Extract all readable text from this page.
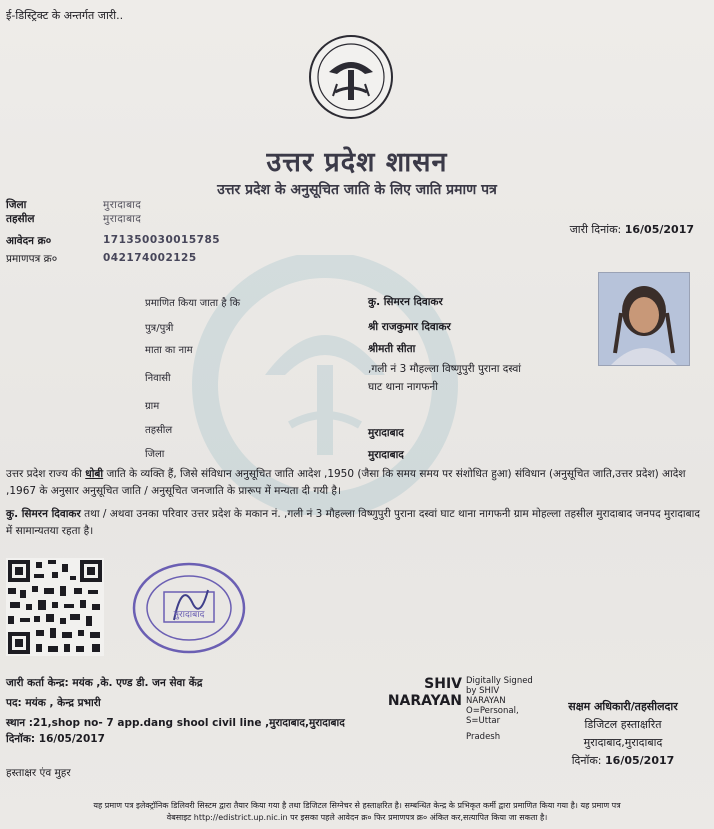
ई-डिस्ट्रिक्ट के अन्तर्गत जारी..
उत्तर प्रदेश शासन
उत्तर प्रदेश के अनुसूचित जाति के लिए जाति प्रमाण पत्र
जिला	मुरादाबाद
तहसील	मुरादाबाद
आवेदन क्र०	171350030015785
प्रमाणपत्र क्र०	042174002125
जारी दिनांक: 16/05/2017
प्रमाणित किया जाता है कि	कु. सिमरन दिवाकर
पुत्र/पुत्री	श्री राजकुमार दिवाकर
माता का नाम	श्रीमती सीता
निवासी
,गली नं 3 मौहल्ला विष्णुपुरी पुराना दस्वां
घाट थाना नागफनी
ग्राम
तहसील	मुरादाबाद
जिला	मुरादाबाद
उत्तर प्रदेश राज्य की धोबी जाति के व्यक्ति हैं, जिसे संविधान अनुसूचित जाति आदेश ,1950 (जैसा कि समय समय पर संशोधित हुआ) संविधान (अनुसूचित जाति,उत्तर प्रदेश) आदेश ,1967 के अनुसार अनुसूचित जाति / अनुसूचित जनजाति के प्रारूप में मन्यता दी गयी है।
कु. सिमरन दिवाकर तथा / अथवा उनका परिवार उत्तर प्रदेश के मकान नं. ,गली नं 3 मौहल्ला विष्णुपुरी पुराना दस्वां घाट थाना नागफनी ग्राम मोहल्ला तहसील मुरादाबाद जनपद मुरादाबाद में सामान्यतया रहता है।
मुरादाबाद
जारी कर्ता केन्द्र: मयंक ,के. एण्ड डी. जन सेवा केंद्र
पद: मयंक , केन्द्र प्रभारी
स्थान :21,shop no- 7 app.dang shool civil line ,मुरादाबाद,मुरादाबाद
दिनॉक: 16/05/2017
हस्ताक्षर एंव मुहर
SHIV
NARAYAN
Digitally Signed
by SHIV
NARAYAN
O=Personal,
S=Uttar
Pradesh
सक्षम अधिकारी/तहसीलदार
डिजिटल हस्ताक्षरित
मुरादाबाद,मुरादाबाद
दिनॉक: 16/05/2017
यह प्रमाण पत्र इलेक्ट्रॉनिक डिलिवरी सिस्टम द्वारा तैयार किया गया है तथा डिजिटल सिग्नेचर से हस्ताक्षरित है। सम्बन्धित केन्द्र के प्रभिकृत कर्मी द्वारा प्रमाणित किया गया है। यह प्रमाण पत्र
वेबसाइट http://edistrict.up.nic.in पर इसका पहले आवेदन क्र० फिर प्रमाणपत्र क्र० अंकित कर,सत्यापित किया जा सकता है।
